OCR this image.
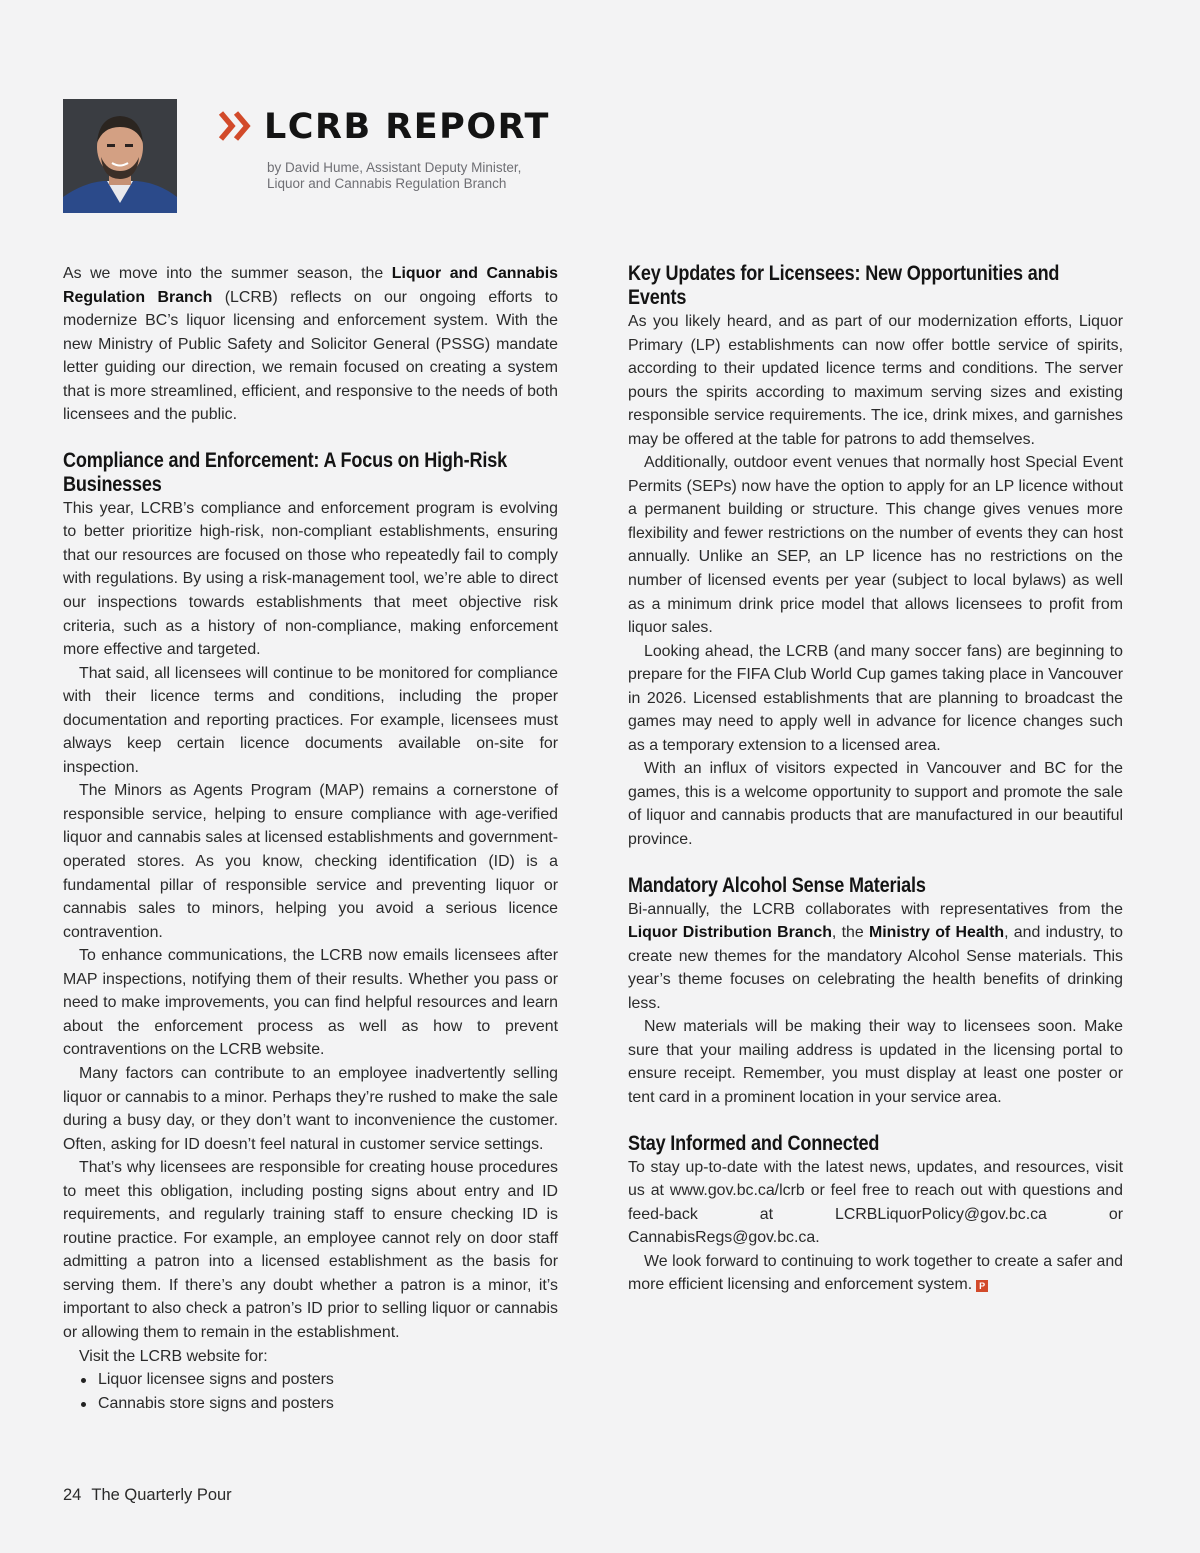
LCRB REPORT
by David Hume, Assistant Deputy Minister,
Liquor and Cannabis Regulation Branch

As we move into the summer season, the Liquor and Cannabis Regulation Branch (LCRB) reflects on our ongoing efforts to modernize BC’s liquor licensing and enforcement system. With the new Ministry of Public Safety and Solicitor General (PSSG) mandate letter guiding our direction, we remain focused on creating a system that is more streamlined, efficient, and responsive to the needs of both licensees and the public.

Compliance and Enforcement: A Focus on High-Risk Businesses

This year, LCRB’s compliance and enforcement program is evolving to better prioritize high-risk, non-compliant establishments, ensuring that our resources are focused on those who repeatedly fail to comply with regulations. By using a risk-management tool, we’re able to direct our inspections towards establishments that meet objective risk criteria, such as a history of non-compliance, making enforcement more effective and targeted.

That said, all licensees will continue to be monitored for compliance with their licence terms and conditions, including the proper documentation and reporting practices. For example, licensees must always keep certain licence documents available on-site for inspection.

The Minors as Agents Program (MAP) remains a cornerstone of responsible service, helping to ensure compliance with age-verified liquor and cannabis sales at licensed establishments and government-operated stores. As you know, checking identification (ID) is a fundamental pillar of responsible service and preventing liquor or cannabis sales to minors, helping you avoid a serious licence contravention.

To enhance communications, the LCRB now emails licensees after MAP inspections, notifying them of their results. Whether you pass or need to make improvements, you can find helpful resources and learn about the enforcement process as well as how to prevent contraventions on the LCRB website.

Many factors can contribute to an employee inadvertently selling liquor or cannabis to a minor. Perhaps they’re rushed to make the sale during a busy day, or they don’t want to inconvenience the customer. Often, asking for ID doesn’t feel natural in customer service settings.

That’s why licensees are responsible for creating house procedures to meet this obligation, including posting signs about entry and ID requirements, and regularly training staff to ensure checking ID is routine practice. For example, an employee cannot rely on door staff admitting a patron into a licensed establishment as the basis for serving them. If there’s any doubt whether a patron is a minor, it’s important to also check a patron’s ID prior to selling liquor or cannabis or allowing them to remain in the establishment.

Visit the LCRB website for:

Liquor licensee signs and posters
Cannabis store signs and posters
Key Updates for Licensees: New Opportunities and Events

As you likely heard, and as part of our modernization efforts, Liquor Primary (LP) establishments can now offer bottle service of spirits, according to their updated licence terms and conditions. The server pours the spirits according to maximum serving sizes and existing responsible service requirements. The ice, drink mixes, and garnishes may be offered at the table for patrons to add themselves.

Additionally, outdoor event venues that normally host Special Event Permits (SEPs) now have the option to apply for an LP licence without a permanent building or structure. This change gives venues more flexibility and fewer restrictions on the number of events they can host annually. Unlike an SEP, an LP licence has no restrictions on the number of licensed events per year (subject to local bylaws) as well as a minimum drink price model that allows licensees to profit from liquor sales.

Looking ahead, the LCRB (and many soccer fans) are beginning to prepare for the FIFA Club World Cup games taking place in Vancouver in 2026. Licensed establishments that are planning to broadcast the games may need to apply well in advance for licence changes such as a temporary extension to a licensed area.

With an influx of visitors expected in Vancouver and BC for the games, this is a welcome opportunity to support and promote the sale of liquor and cannabis products that are manufactured in our beautiful province.

Mandatory Alcohol Sense Materials

Bi-annually, the LCRB collaborates with representatives from the Liquor Distribution Branch, the Ministry of Health, and industry, to create new themes for the mandatory Alcohol Sense materials. This year’s theme focuses on celebrating the health benefits of drinking less.

New materials will be making their way to licensees soon. Make sure that your mailing address is updated in the licensing portal to ensure receipt. Remember, you must display at least one poster or tent card in a prominent location in your service area.

Stay Informed and Connected

To stay up-to-date with the latest news, updates, and resources, visit us at www.gov.bc.ca/lcrb or feel free to reach out with questions and feed-back at LCRBLiquorPolicy@gov.bc.ca or CannabisRegs@gov.bc.ca.

We look forward to continuing to work together to create a safer and more efficient licensing and enforcement system. P

24 The Quarterly Pour
